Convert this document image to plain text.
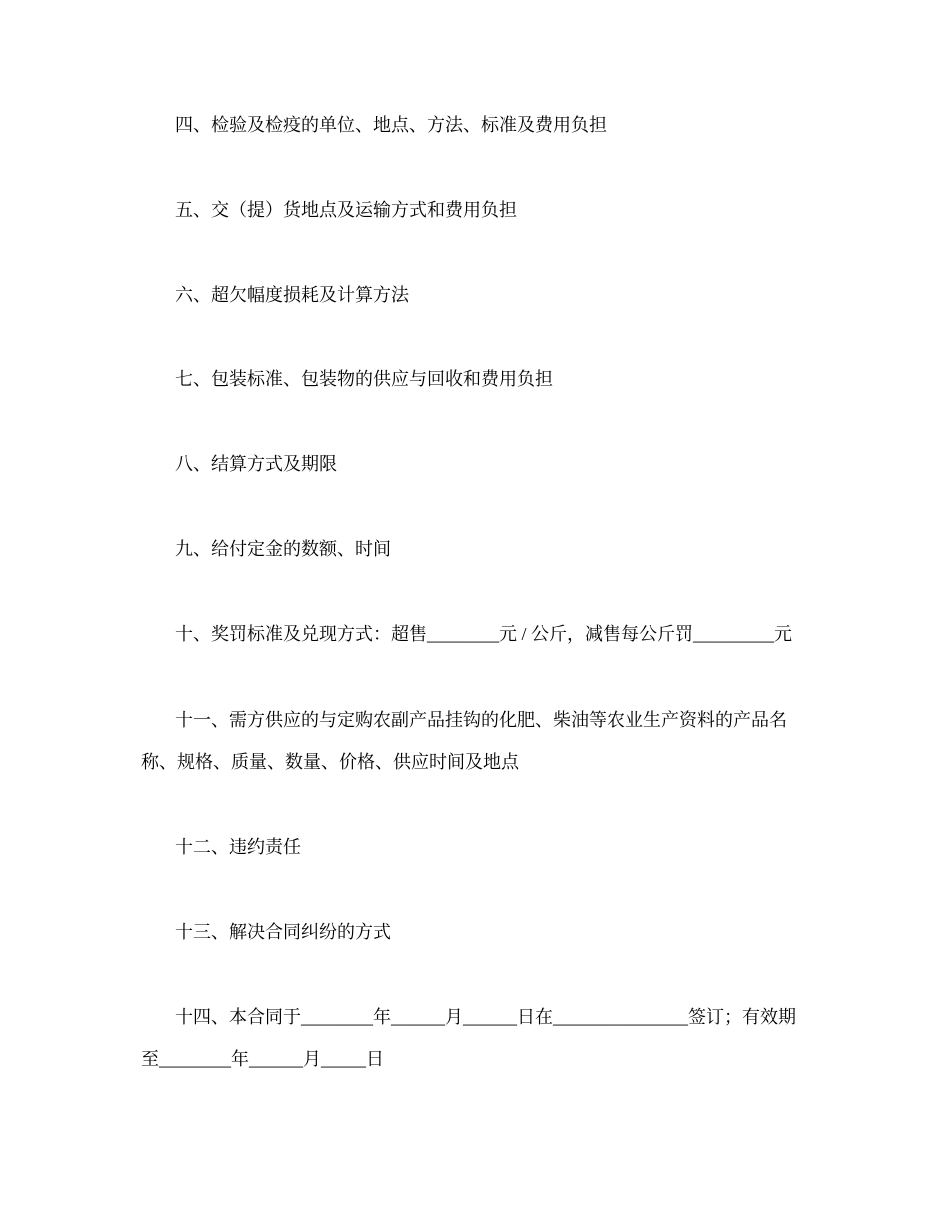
四、检验及检疫的单位、地点、方法、标准及费用负担
五、交（提）货地点及运输方式和费用负担
六、超欠幅度损耗及计算方法
七、包装标准、包装物的供应与回收和费用负担
八、结算方式及期限
九、给付定金的数额、时间
十、奖罚标准及兑现方式：超售________元 / 公斤，减售每公斤罚_________元
十一、需方供应的与定购农副产品挂钩的化肥、柴油等农业生产资料的产品名
称、规格、质量、数量、价格、供应时间及地点
十二、违约责任
十三、解决合同纠纷的方式
十四、本合同于________年______月______日在_______________签订；有效期
至________年______月_____日
